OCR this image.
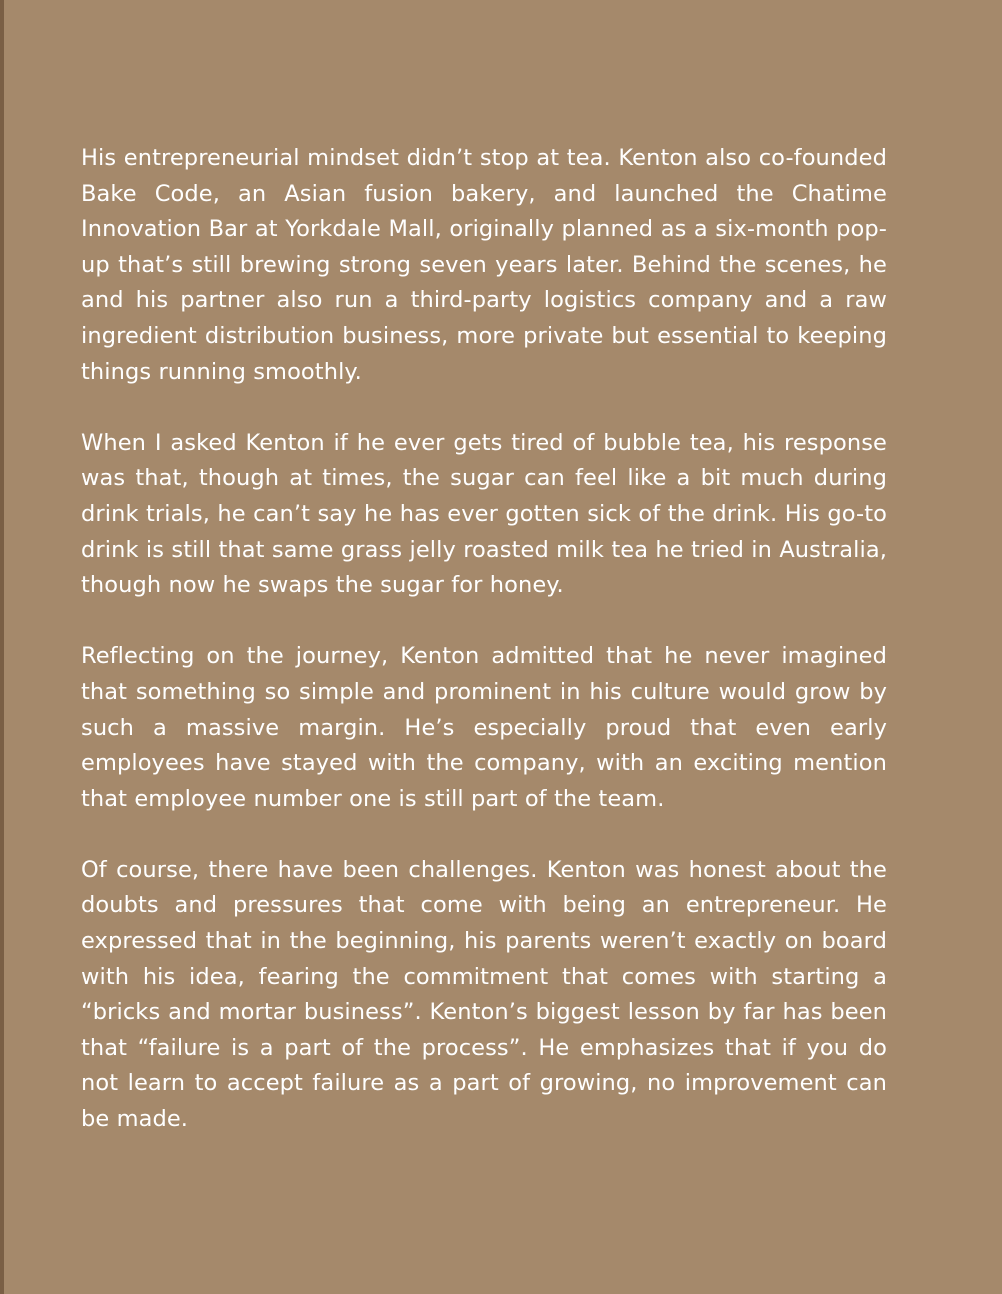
His entrepreneurial mindset didn’t stop at tea. Kenton also co-founded Bake Code, an Asian fusion bakery, and launched the Chatime Innovation Bar at Yorkdale Mall, originally planned as a six-month pop-up that’s still brewing strong seven years later. Behind the scenes, he and his partner also run a third-party logistics company and a raw ingredient distribution business, more private but essential to keeping things running smoothly.

When I asked Kenton if he ever gets tired of bubble tea, his response was that, though at times, the sugar can feel like a bit much during drink trials, he can’t say he has ever gotten sick of the drink. His go-to drink is still that same grass jelly roasted milk tea he tried in Australia, though now he swaps the sugar for honey.

Reflecting on the journey, Kenton admitted that he never imagined that something so simple and prominent in his culture would grow by such a massive margin. He’s especially proud that even early employees have stayed with the company, with an exciting mention that employee number one is still part of the team.

Of course, there have been challenges. Kenton was honest about the doubts and pressures that come with being an entrepreneur. He expressed that in the beginning, his parents weren’t exactly on board with his idea, fearing the commitment that comes with starting a “bricks and mortar business”. Kenton’s biggest lesson by far has been that “failure is a part of the process”. He emphasizes that if you do not learn to accept failure as a part of growing, no improvement can be made.
